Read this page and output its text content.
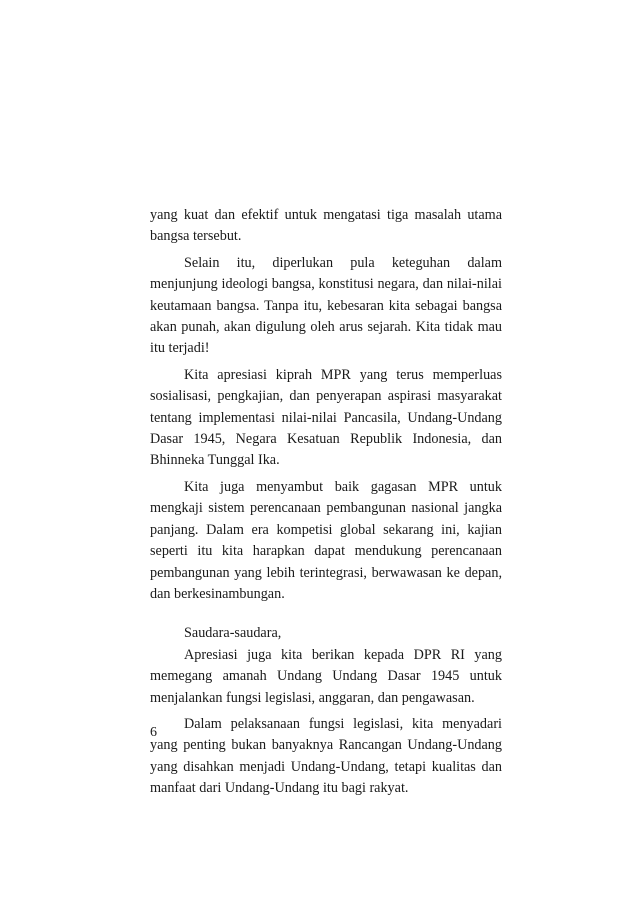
yang kuat dan efektif untuk mengatasi tiga masalah utama bangsa tersebut.

Selain itu, diperlukan pula keteguhan dalam menjunjung ideologi bangsa, konstitusi negara, dan nilai-nilai keutamaan bangsa. Tanpa itu, kebesaran kita sebagai bangsa akan punah, akan digulung oleh arus sejarah. Kita tidak mau itu terjadi!

Kita apresiasi kiprah MPR yang terus memperluas sosialisasi, pengkajian, dan penyerapan aspirasi masyarakat tentang implementasi nilai-nilai Pancasila, Undang-Undang Dasar 1945, Negara Kesatuan Republik Indonesia, dan Bhinneka Tunggal Ika.

Kita juga menyambut baik gagasan MPR untuk mengkaji sistem perencanaan pembangunan nasional jangka panjang. Dalam era kompetisi global sekarang ini, kajian seperti itu kita harapkan dapat mendukung perencanaan pembangunan yang lebih terintegrasi, berwawasan ke depan, dan berkesinambungan.

Saudara-saudara,

Apresiasi juga kita berikan kepada DPR RI yang memegang amanah Undang Undang Dasar 1945 untuk menjalankan fungsi legislasi, anggaran, dan pengawasan.

Dalam pelaksanaan fungsi legislasi, kita menyadari yang penting bukan banyaknya Rancangan Undang-Undang yang disahkan menjadi Undang-Undang, tetapi kualitas dan manfaat dari Undang-Undang itu bagi rakyat.

6
